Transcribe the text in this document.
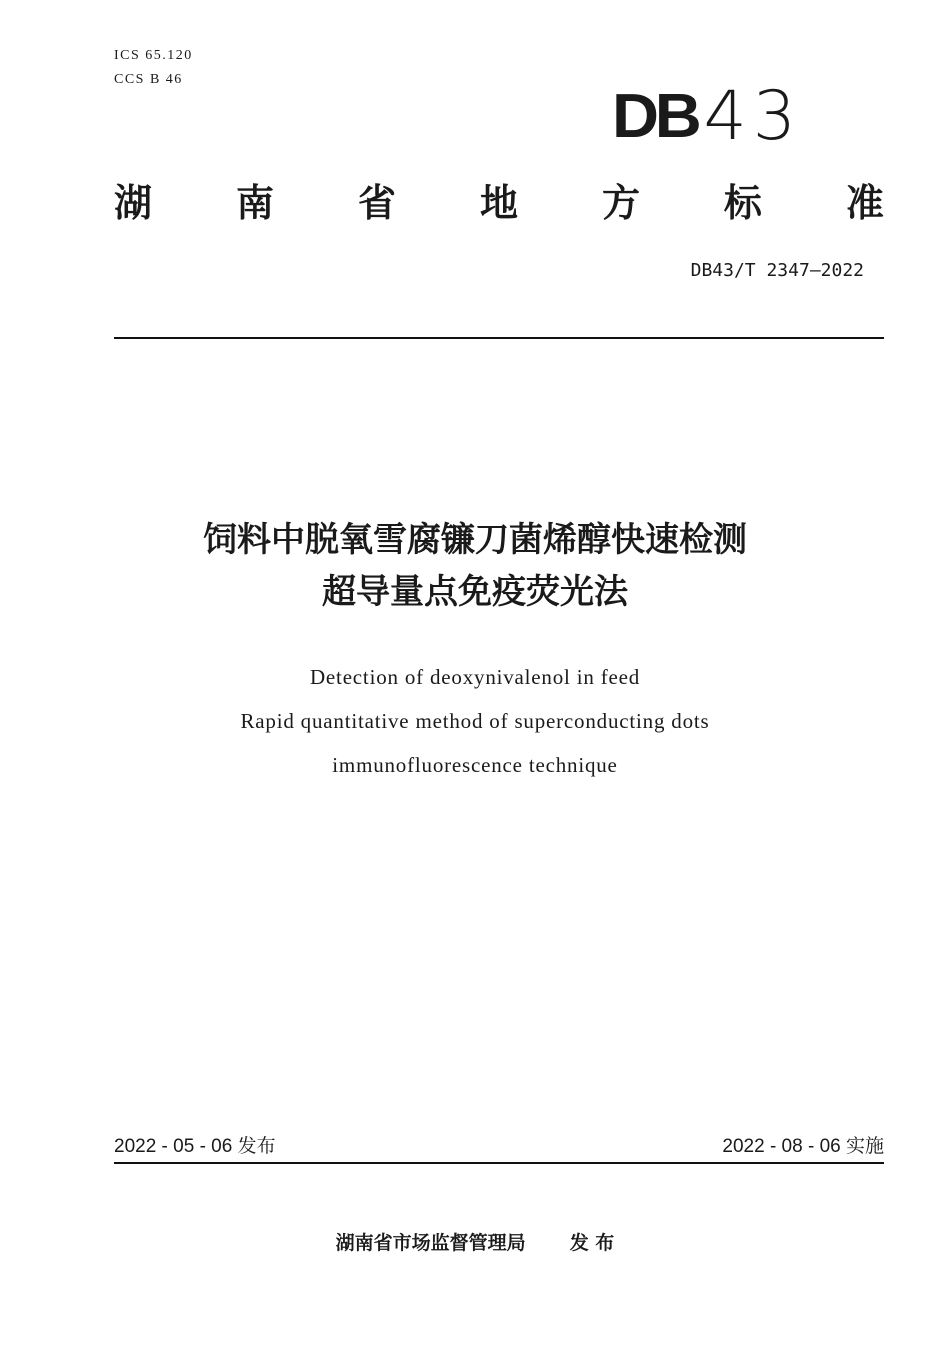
ICS 65.120
CCS B 46
DB 43
湖 南 省 地 方 标 准
DB43/T 2347—2022
饲料中脱氧雪腐镰刀菌烯醇快速检测
超导量点免疫荧光法
Detection of deoxynivalenol in feed
Rapid quantitative method of superconducting dots
immunofluorescence technique
2022 - 05 - 06 发布	2022 - 08 - 06 实施
湖南省市场监督管理局 发 布
